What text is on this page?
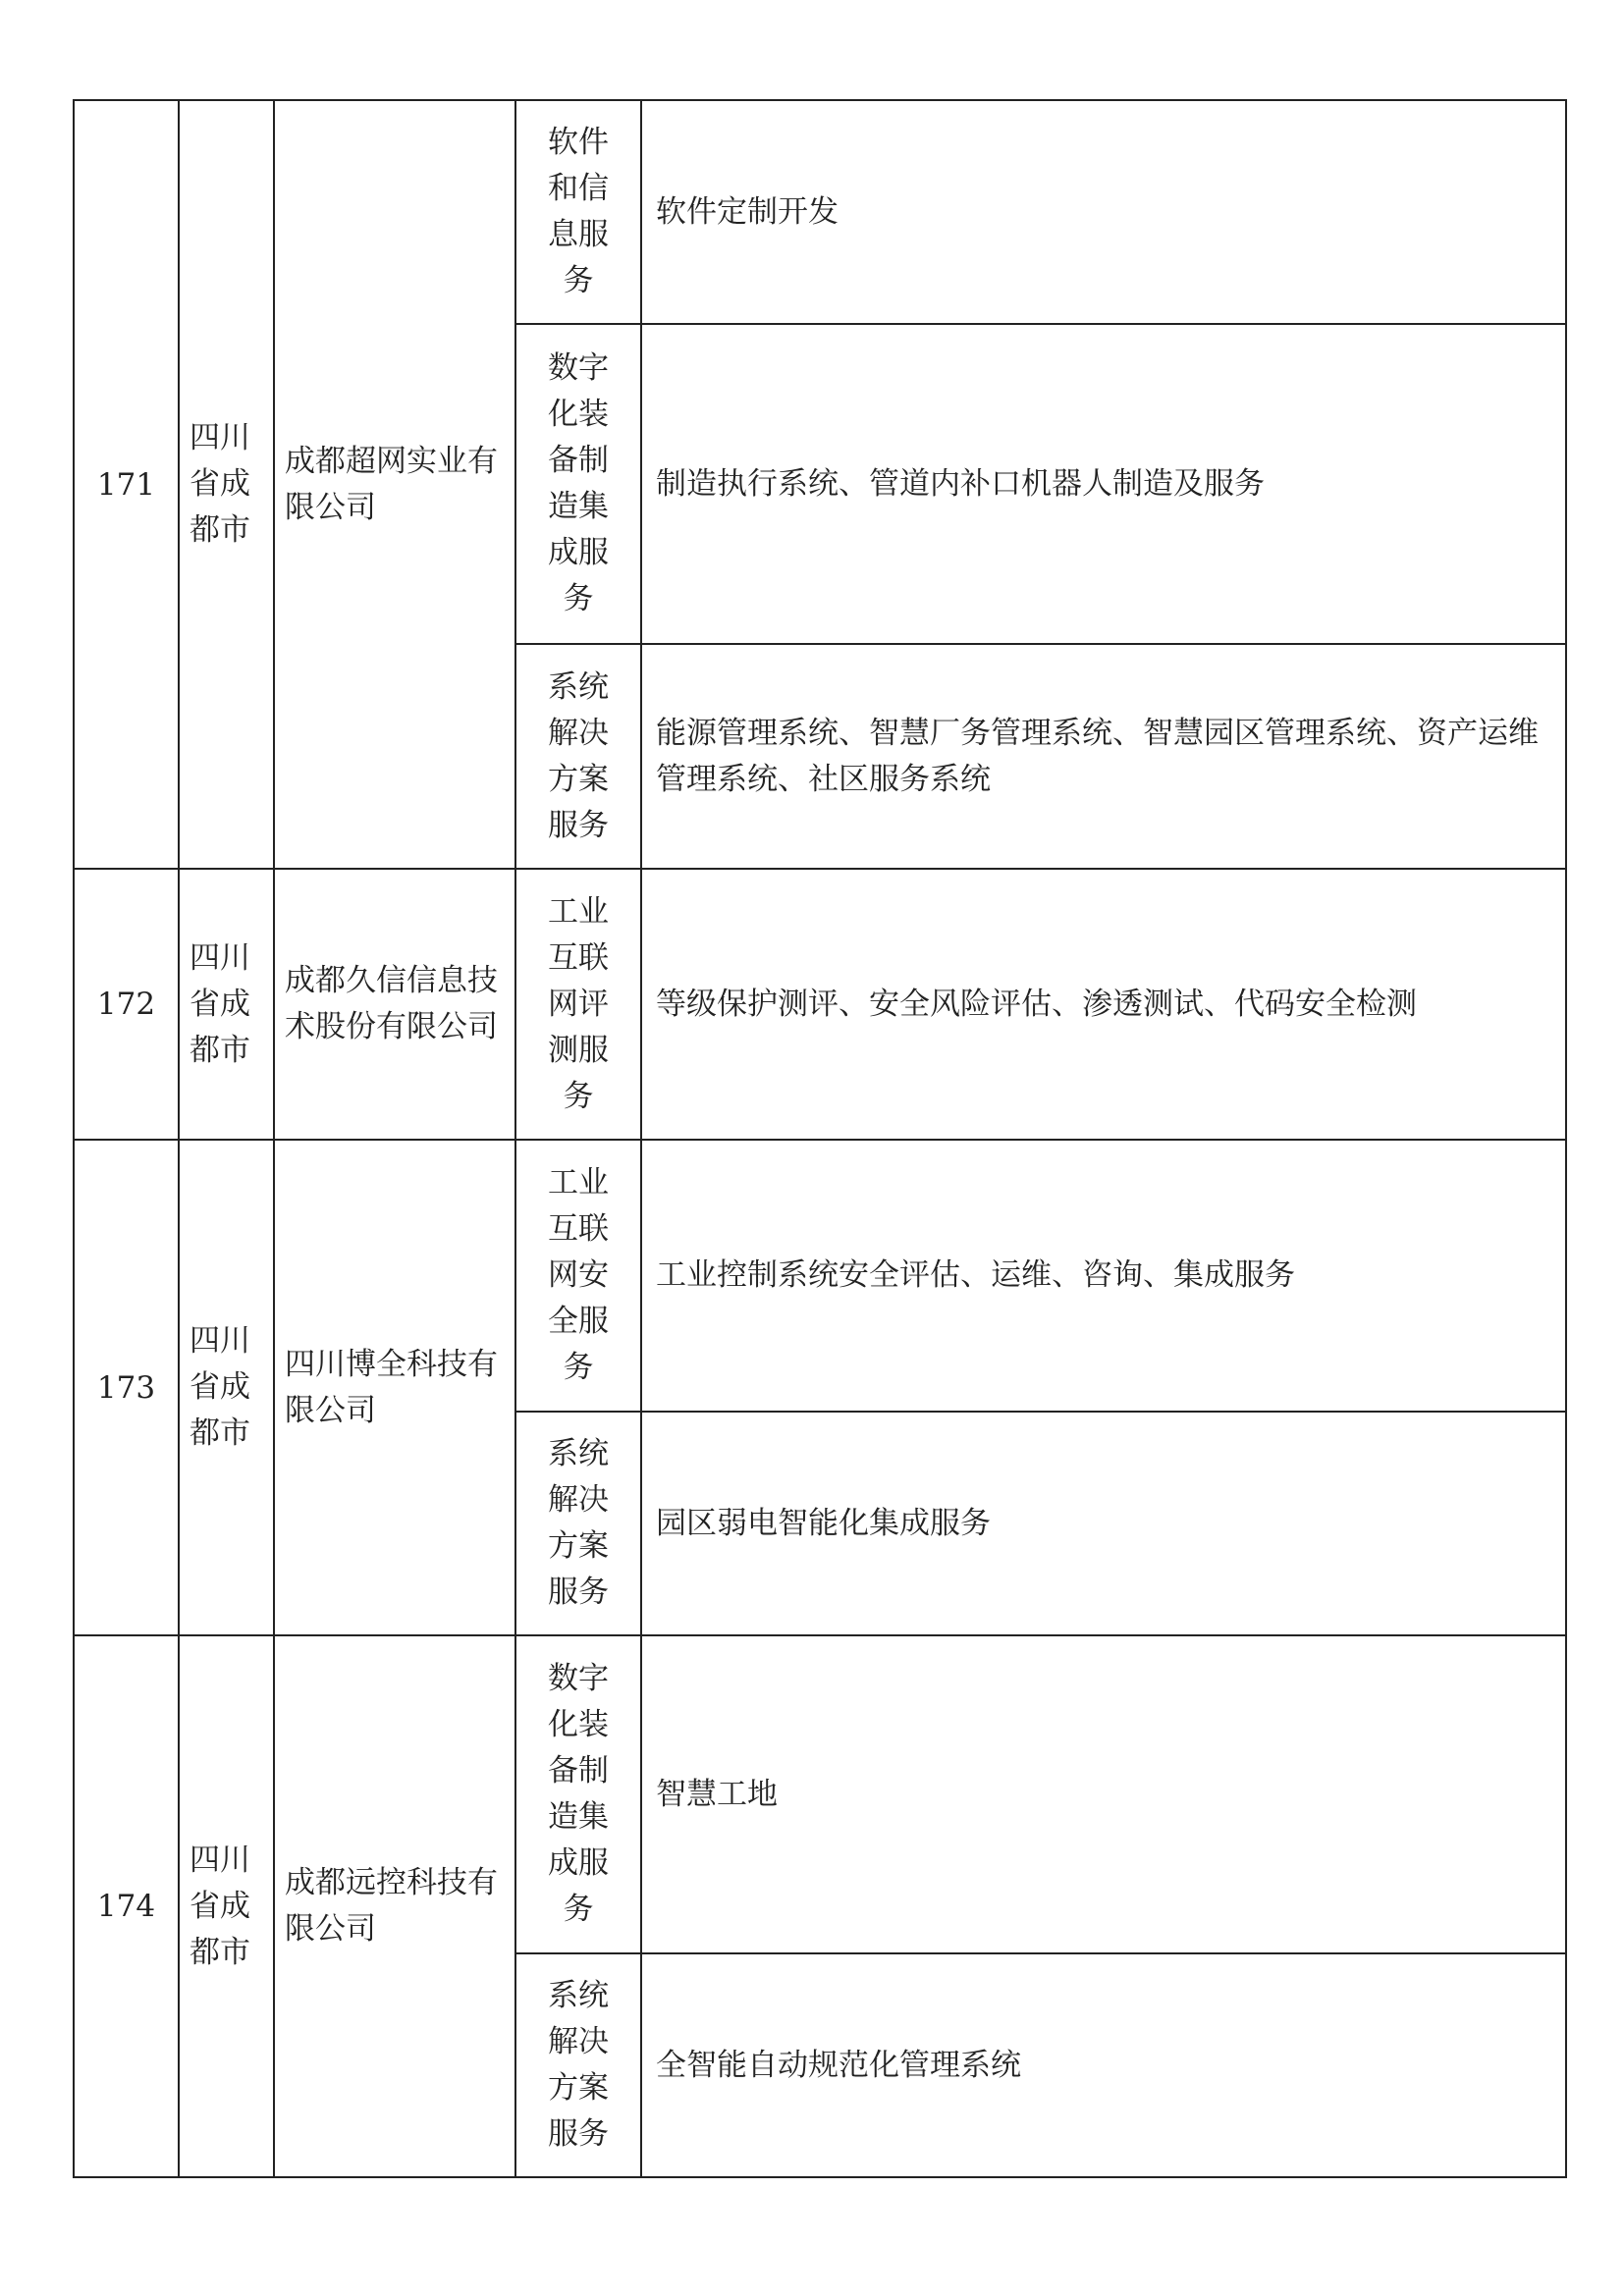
171	四川省成都市	成都超网实业有限公司	软件和信息服务	软件定制开发

			数字化装备制造集成服务	制造执行系统、管道内补口机器人制造及服务

			系统解决方案服务	能源管理系统、智慧厂务管理系统、智慧园区管理系统、资产运维管理系统、社区服务系统

172	四川省成都市	成都久信信息技术股份有限公司	工业互联网评测服务	等级保护测评、安全风险评估、渗透测试、代码安全检测

173	四川省成都市	四川博全科技有限公司	工业互联网安全服务	工业控制系统安全评估、运维、咨询、集成服务

			系统解决方案服务	园区弱电智能化集成服务

174	四川省成都市	成都远控科技有限公司	数字化装备制造集成服务	智慧工地

			系统解决方案服务	全智能自动规范化管理系统
